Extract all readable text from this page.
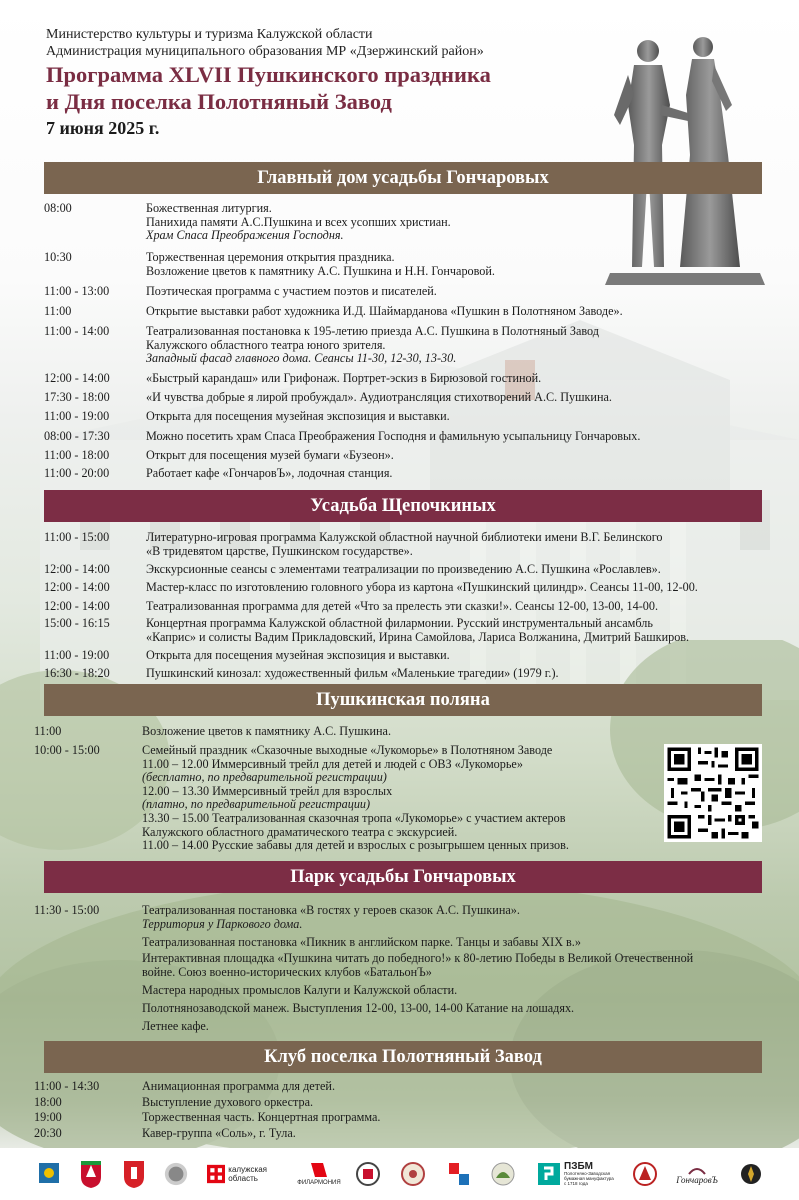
Министерство культуры и туризма Калужской области
Администрация муниципального образования МР «Дзержинский район»
Программа XLVII Пушкинского праздника
и Дня поселка Полотняный Завод
7 июня 2025 г.
Главный дом усадьбы Гончаровых
08:00	Божественная литургия.
Панихида памяти А.С.Пушкина и всех усопших христиан.
Храм Спаса Преображения Господня.
10:30	Торжественная церемония открытия праздника.
Возложение цветов к памятнику А.С. Пушкина и Н.Н. Гончаровой.
11:00 - 13:00	Поэтическая программа с участием поэтов и писателей.
11:00	Открытие выставки работ художника И.Д. Шаймарданова «Пушкин в Полотняном Заводе».
11:00 - 14:00	Театрализованная постановка к 195-летию приезда А.С. Пушкина в Полотняный Завод
Калужского областного театра юного зрителя.
Западный фасад главного дома. Сеансы 11-30, 12-30, 13-30.
12:00 - 14:00	«Быстрый карандаш» или Грифонаж. Портрет-эскиз в Бирюзовой гостиной.
17:30 - 18:00	«И чувства добрые я лирой пробуждал». Аудиотрансляция стихотворений А.С. Пушкина.
11:00 - 19:00	Открыта для посещения музейная экспозиция и выставки.
08:00 - 17:30	Можно посетить храм Спаса Преображения Господня и фамильную усыпальницу Гончаровых.
11:00 - 18:00	Открыт для посещения музей бумаги «Бузеон».
11:00 - 20:00	Работает кафе «ГончаровЪ», лодочная станция.
Усадьба Щепочкиных
11:00 - 15:00	Литературно-игровая программа Калужской областной научной библиотеки имени В.Г. Белинского
«В тридевятом царстве, Пушкинском государстве».
12:00 - 14:00	Экскурсионные сеансы с элементами театрализации по произведению А.С. Пушкина «Рославлев».
12:00 - 14:00	Мастер-класс по изготовлению головного убора из картона «Пушкинский цилиндр». Сеансы 11-00, 12-00.
12:00 - 14:00	Театрализованная программа для детей «Что за прелесть эти сказки!». Сеансы 12-00, 13-00, 14-00.
15:00 - 16:15	Концертная программа Калужской областной филармонии. Русский инструментальный ансамбль
«Каприс» и солисты Вадим Прикладовский, Ирина Самойлова, Лариса Волжанина, Дмитрий Башкиров.
11:00 - 19:00	Открыта для посещения музейная экспозиция и выставки.
16:30 - 18:20	Пушкинский кинозал: художественный фильм «Маленькие трагедии» (1979 г.).
Пушкинская поляна
11:00	Возложение цветов к памятнику А.С. Пушкина.
10:00 - 15:00	Семейный праздник «Сказочные выходные «Лукоморье» в Полотняном Заводе
11.00 – 12.00 Иммерсивный трейл для детей и людей с ОВЗ «Лукоморье»
(бесплатно, по предварительной регистрации)
12.00 – 13.30 Иммерсивный трейл для взрослых
(платно, по предварительной регистрации)
13.30 – 15.00 Театрализованная сказочная тропа «Лукоморье» с участием актеров
Калужского областного драматического театра с экскурсией.
11.00 – 14.00 Русские забавы для детей и взрослых с розыгрышем ценных призов.
Парк усадьбы Гончаровых
11:30 - 15:00	Театрализованная постановка «В гостях у героев сказок А.С. Пушкина».
Территория у Паркового дома.
Театрализованная постановка «Пикник в английском парке. Танцы и забавы XIX в.»
Интерактивная площадка «Пушкина читать до победного!» к 80-летию Победы в Великой Отечественной
войне. Союз военно-исторических клубов «БатальонЪ»
Мастера народных промыслов Калуги и Калужской области.
Полотнянозаводской манеж. Выступления 12-00, 13-00, 14-00 Катание на лошадях.
Летнее кафе.
Клуб поселка Полотняный Завод
11:00 - 14:30	Анимационная программа для детей.
18:00	Выступление духового оркестра.
19:00	Торжественная часть. Концертная программа.
20:30	Кавер-группа «Соль», г. Тула.
калужская
область	ФИЛАРМОНИЯ
ПЗБМ
Полотняно-Заводская бумажная мануфактура с 1718 года	ГончаровЪ
